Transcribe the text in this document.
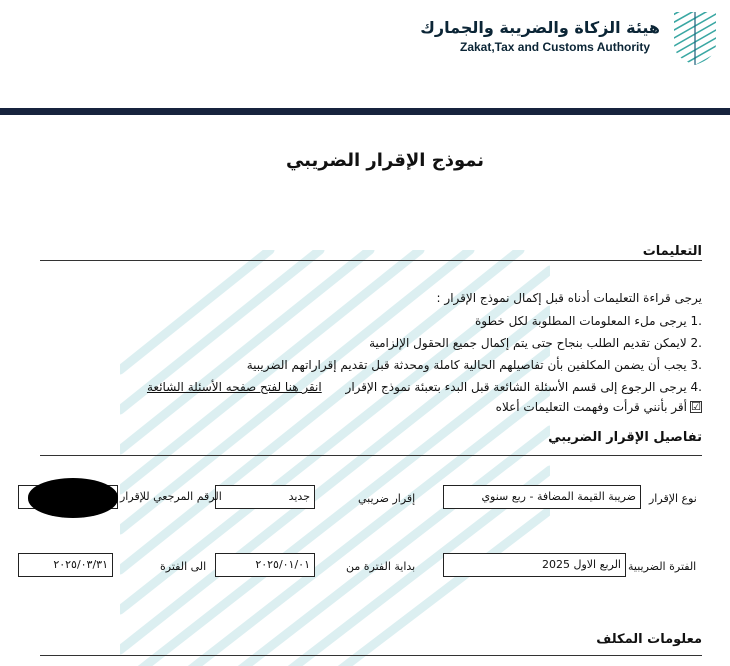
هيئة الزكاة والضريبة والجمارك
Zakat,Tax and Customs Authority
نموذج الإقرار الضريبي
التعليمات
يرجى قراءة التعليمات أدناه قبل إكمال نموذج الإقرار :
1. يرجى ملء المعلومات المطلوبة لكل خطوة
2. لايمكن تقديم الطلب بنجاح حتى يتم إكمال جميع الحقول الإلزامية
3. يجب أن يضمن المكلفين بأن تفاصيلهم الحالية كاملة ومحدثة قبل تقديم إقراراتهم الضريبية
4. يرجى الرجوع إلى قسم الأسئلة الشائعة قبل البدء بتعبئة نموذج الإقرار انقر هنا لفتح صفحه الأسئلة الشائعة
☑
أقر بأنني قرأت وفهمت التعليمات أعلاه
تفاصيل الإقرار الضريبي
نوع الإقرار
ضريبة القيمة المضافة - ربع سنوي
إقرار ضريبي
جديد
الرقم المرجعي للإقرار
الفترة الضريبية
الربع الاول 2025
بداية الفترة من
٢٠٢٥/٠١/٠١
الى الفترة
٢٠٢٥/٠٣/٣١
معلومات المكلف
